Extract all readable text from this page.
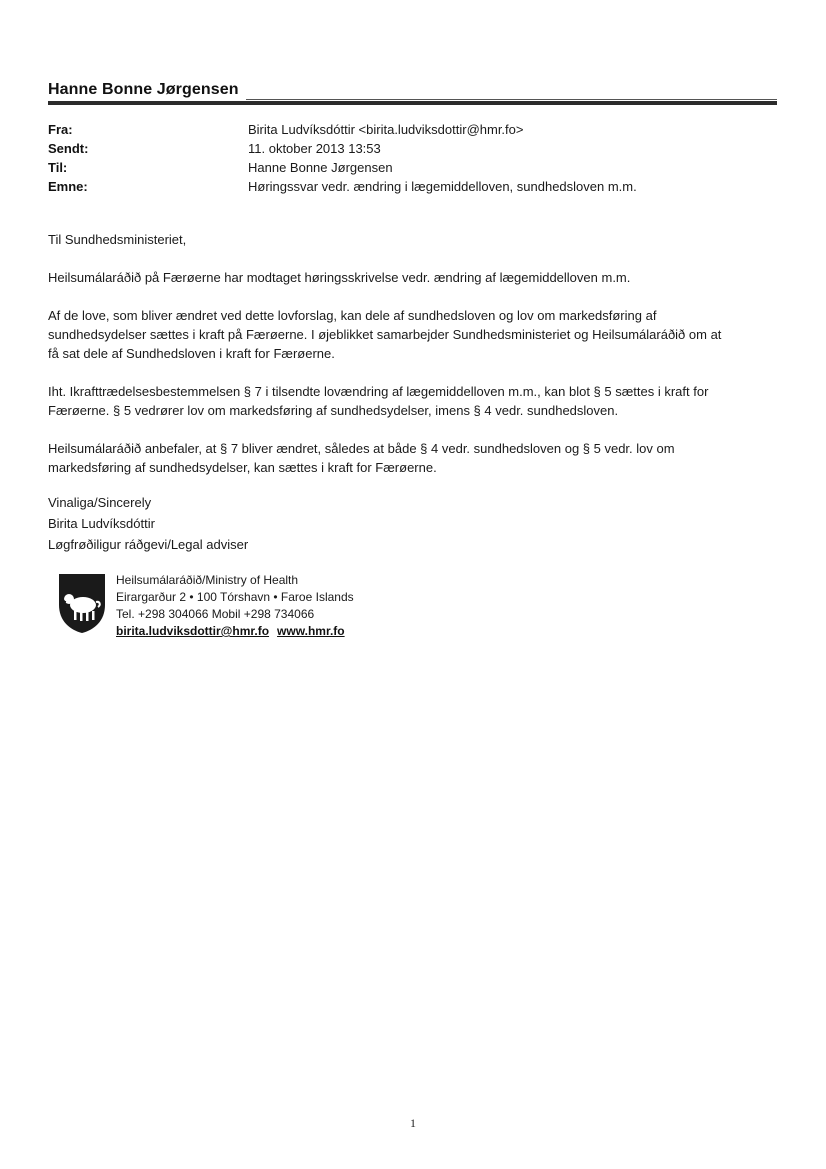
Hanne Bonne Jørgensen
Fra:	Birita Ludvíksdóttir <birita.ludviksdottir@hmr.fo>
Sendt:	11. oktober 2013 13:53
Til:	Hanne Bonne Jørgensen
Emne:	Høringssvar vedr. ændring i lægemiddelloven, sundhedsloven m.m.

Til Sundhedsministeriet,

Heilsumálaráðið på Færøerne har modtaget høringsskrivelse vedr. ændring af lægemiddelloven m.m.

Af de love, som bliver ændret ved dette lovforslag, kan dele af sundhedsloven og lov om markedsføring af

sundhedsydelser sættes i kraft på Færøerne. I øjeblikket samarbejder Sundhedsministeriet og Heilsumálaráðið om at

få sat dele af Sundhedsloven i kraft for Færøerne.

Iht. Ikrafttrædelsesbestemmelsen § 7 i tilsendte lovændring af lægemiddelloven m.m., kan blot § 5 sættes i kraft for

Færøerne. § 5 vedrører lov om markedsføring af sundhedsydelser, imens § 4 vedr. sundhedsloven.

Heilsumálaráðið anbefaler, at § 7 bliver ændret, således at både § 4 vedr. sundhedsloven og § 5 vedr. lov om

markedsføring af sundhedsydelser, kan sættes i kraft for Færøerne.

Vinaliga/Sincerely
Birita Ludvíksdóttir
Løgfrøðiligur ráðgevi/Legal adviser
Heilsumálaráðið/Ministry of Health
Eirargarður 2 • 100 Tórshavn • Faroe Islands
Tel. +298 304066 Mobil +298 734066
birita.ludviksdottir@hmr.fo www.hmr.fo
1
